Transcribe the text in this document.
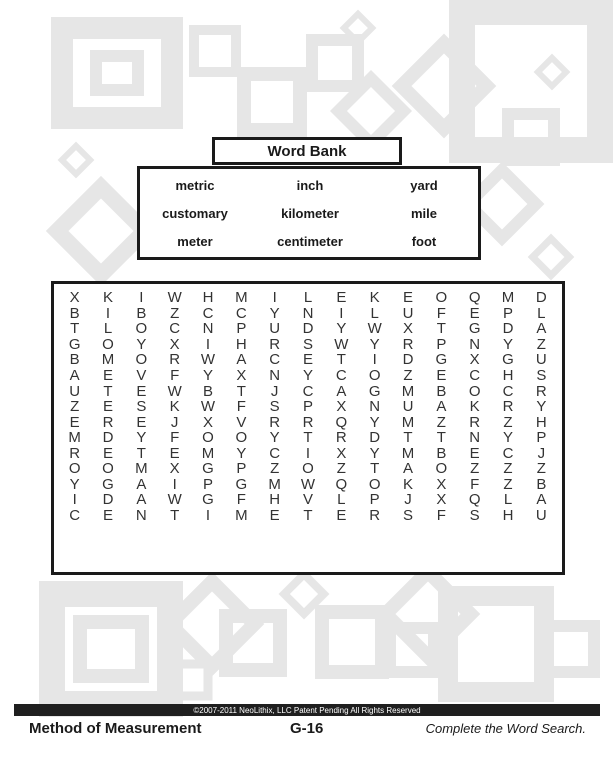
Word Bank
metric	inch	yard
customary	kilometer	mile
meter	centimeter	foot
X	K	I	W	H	M	I	L	E	K	E	O	Q	M	D
B	I	B	Z	C	C	Y	N	I	L	U	F	E	P	L
T	L	O	C	N	P	U	D	Y	W	X	T	G	D	A
G	O	Y	X	I	H	R	S	W	Y	R	P	N	Y	Z
B	M	O	R	W	A	C	E	T	I	D	G	X	G	U
A	E	V	F	Y	X	N	Y	C	O	Z	E	C	H	S
U	T	E	W	B	T	J	C	A	G	M	B	O	C	R
Z	E	S	K	W	F	S	P	X	N	U	A	K	R	Y
E	R	E	J	X	V	R	R	Q	Y	M	Z	R	Z	H
M	D	Y	F	O	O	Y	T	R	D	T	T	N	Y	P
R	E	T	E	M	Y	C	I	X	Y	M	B	E	C	J
O	O	M	X	G	P	Z	O	Z	T	A	O	Z	Z	Z
Y	G	A	I	P	G	M	W	Q	O	K	X	F	Z	B
I	D	A	W	G	F	H	V	L	P	J	X	Q	L	A
C	E	N	T	I	M	E	T	E	R	S	F	S	H	U
©2007-2011 NeoLithix, LLC Patent Pending All Rights Reserved
Method of Measurement	G-16	Complete the Word Search.
